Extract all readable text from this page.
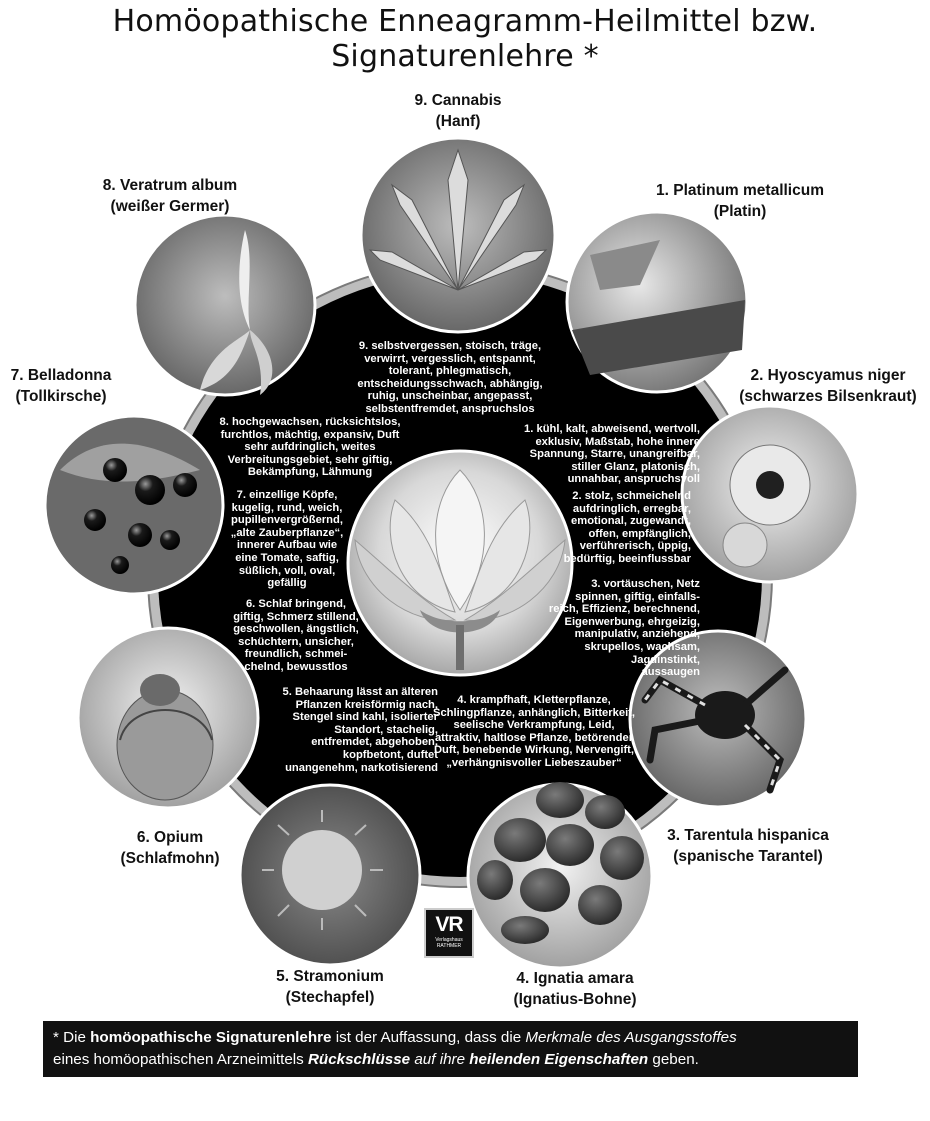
Homöopathische Enneagramm-Heilmittel bzw. Signaturenlehre *
9. Cannabis
(Hanf)
1. Platinum metallicum
(Platin)
8. Veratrum album
(weißer Germer)
7. Belladonna
(Tollkirsche)
2. Hyoscyamus niger
(schwarzes Bilsenkraut)
6. Opium
(Schlafmohn)
3. Tarentula hispanica
(spanische Tarantel)
5. Stramonium
(Stechapfel)
4. Ignatia amara
(Ignatius-Bohne)
9. selbstvergessen, stoisch, träge,
verwirrt, vergesslich, entspannt,
tolerant, phlegmatisch,
entscheidungsschwach, abhängig,
ruhig, unscheinbar, angepasst,
selbstentfremdet, anspruchslos
1. kühl, kalt, abweisend, wertvoll,
exklusiv, Maßstab, hohe innere
Spannung, Starre, unangreifbar,
stiller Glanz, platonisch,
unnahbar, anspruchsvoll
8. hochgewachsen, rücksichtslos,
furchtlos, mächtig, expansiv, Duft
sehr aufdringlich, weites
Verbreitungsgebiet, sehr giftig,
Bekämpfung, Lähmung
7. einzellige Köpfe,
kugelig, rund, weich,
pupillenvergrößernd,
„alte Zauberpflanze“,
innerer Aufbau wie
eine Tomate, saftig,
süßlich, voll, oval,
gefällig
2. stolz, schmeichelnd
aufdringlich, erregbar,
emotional, zugewandt,
offen, empfänglich,
verführerisch, üppig,
bedürftig, beeinflussbar
6. Schlaf bringend,
giftig, Schmerz stillend,
geschwollen, ängstlich,
schüchtern, unsicher,
freundlich, schmei-
chelnd, bewusstlos
3. vortäuschen, Netz
spinnen, giftig, einfalls-
reich, Effizienz, berechnend,
Eigenwerbung, ehrgeizig,
manipulativ, anziehend,
skrupellos, wachsam,
Jagdinstinkt,
aussaugen
5. Behaarung lässt an älteren
Pflanzen kreisförmig nach,
Stengel sind kahl, isolierter
Standort, stachelig,
entfremdet, abgehoben,
kopfbetont, duftet
unangenehm, narkotisierend
4. krampfhaft, Kletterpflanze,
Schlingpflanze, anhänglich, Bitterkeit,
seelische Verkrampfung, Leid,
attraktiv, haltlose Pflanze, betörender
Duft, benebende Wirkung, Nervengift,
„verhängnisvoller Liebeszauber“
VR
Verlagshaus
RATHMER
* Die homöopathische Signaturenlehre ist der Auffassung, dass die Merkmale des Ausgangsstoffes
eines homöopathischen Arzneimittels Rückschlüsse auf ihre heilenden Eigenschaften geben.
